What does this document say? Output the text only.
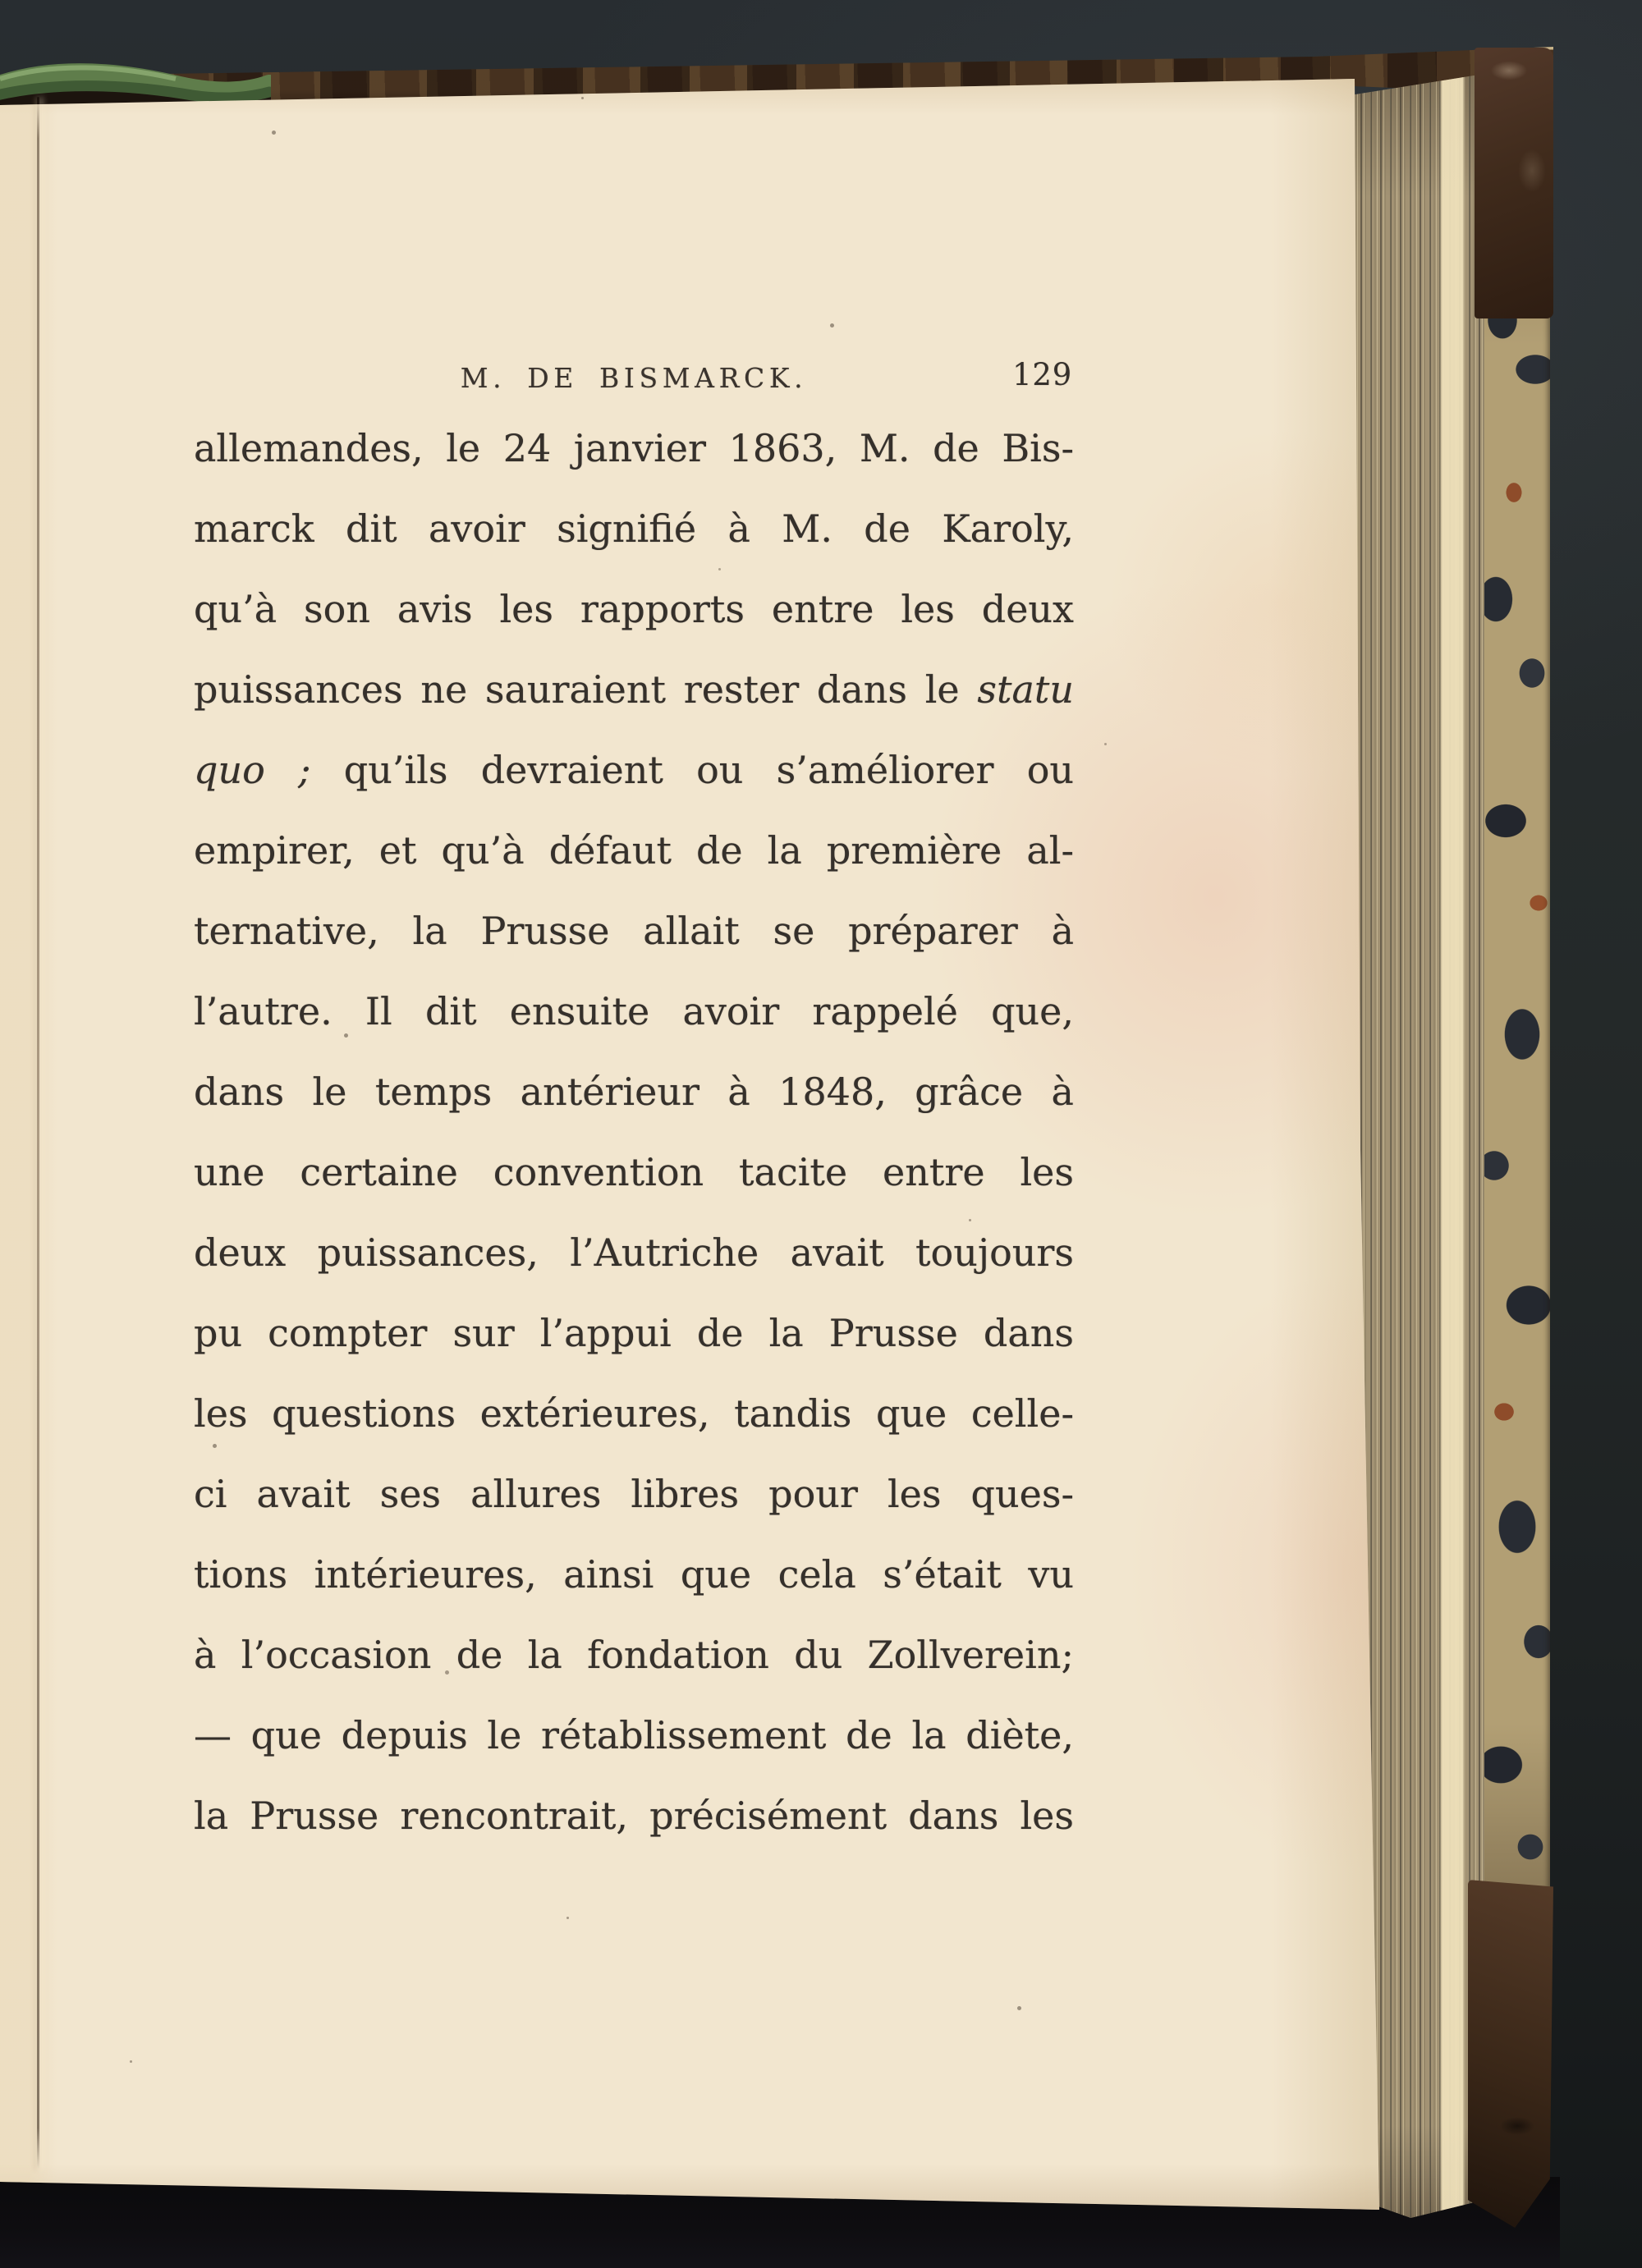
M. DE BISMARCK.	129
allemandes, le 24 janvier 1863, M. de Bis-
marck dit avoir signifié à M. de Karoly,
qu’à son avis les rapports entre les deux
puissances ne sauraient rester dans le statu
quo ; qu’ils devraient ou s’améliorer ou
empirer, et qu’à défaut de la première al-
ternative, la Prusse allait se préparer à
l’autre. Il dit ensuite avoir rappelé que,
dans le temps antérieur à 1848, grâce à
une certaine convention tacite entre les
deux puissances, l’Autriche avait toujours
pu compter sur l’appui de la Prusse dans
les questions extérieures, tandis que celle-
ci avait ses allures libres pour les ques-
tions intérieures, ainsi que cela s’était vu
à l’occasion de la fondation du Zollverein;
— que depuis le rétablissement de la diète,
la Prusse rencontrait, précisément dans les
